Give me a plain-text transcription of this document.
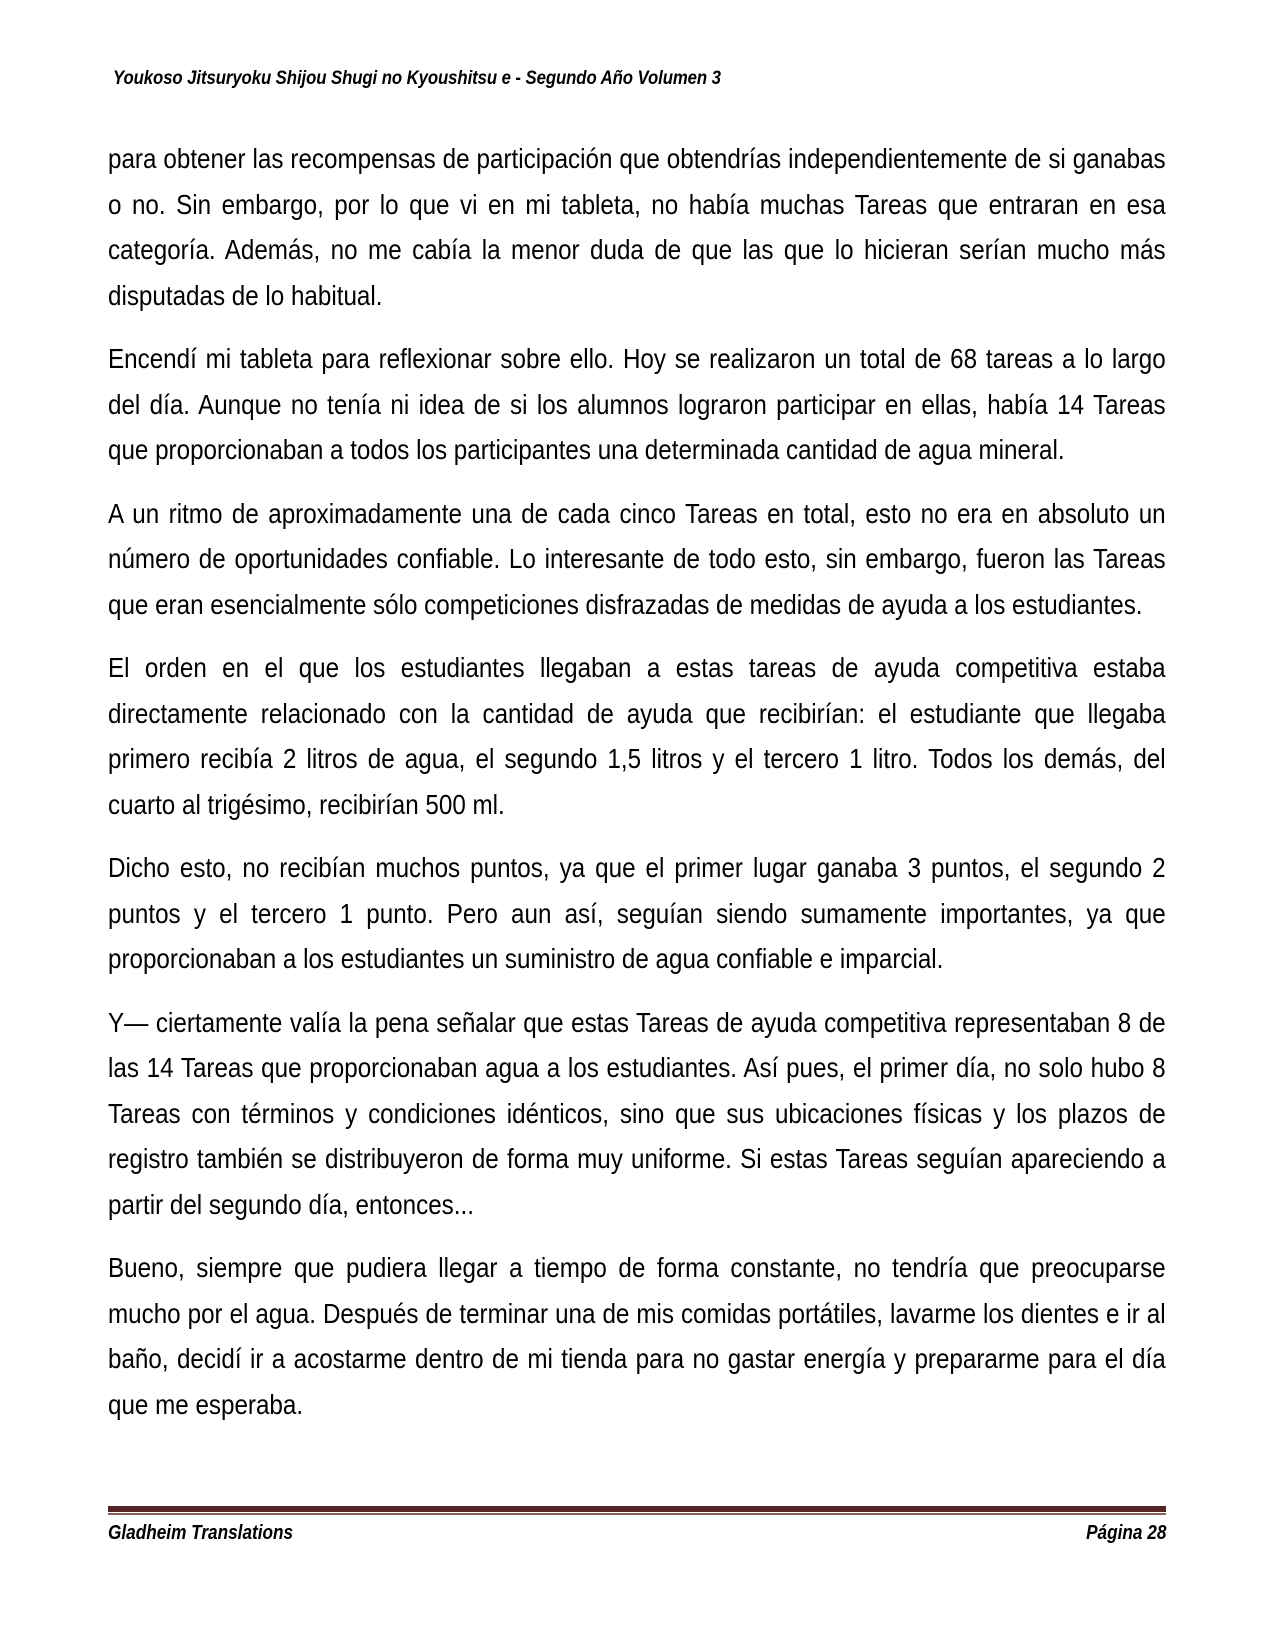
Youkoso Jitsuryoku Shijou Shugi no Kyoushitsu e - Segundo Año Volumen 3

para obtener las recompensas de participación que obtendrías independientemente de si ganabas o no. Sin embargo, por lo que vi en mi tableta, no había muchas Tareas que entraran en esa categoría. Además, no me cabía la menor duda de que las que lo hicieran serían mucho más disputadas de lo habitual.

Encendí mi tableta para reflexionar sobre ello. Hoy se realizaron un total de 68 tareas a lo largo del día. Aunque no tenía ni idea de si los alumnos lograron participar en ellas, había 14 Tareas que proporcionaban a todos los participantes una determinada cantidad de agua mineral.

A un ritmo de aproximadamente una de cada cinco Tareas en total, esto no era en absoluto un número de oportunidades confiable. Lo interesante de todo esto, sin embargo, fueron las Tareas que eran esencialmente sólo competiciones disfrazadas de medidas de ayuda a los estudiantes.

El orden en el que los estudiantes llegaban a estas tareas de ayuda competitiva estaba directamente relacionado con la cantidad de ayuda que recibirían: el estudiante que llegaba primero recibía 2 litros de agua, el segundo 1,5 litros y el tercero 1 litro. Todos los demás, del cuarto al trigésimo, recibirían 500 ml.

Dicho esto, no recibían muchos puntos, ya que el primer lugar ganaba 3 puntos, el segundo 2 puntos y el tercero 1 punto. Pero aun así, seguían siendo sumamente importantes, ya que proporcionaban a los estudiantes un suministro de agua confiable e imparcial.

Y— ciertamente valía la pena señalar que estas Tareas de ayuda competitiva representaban 8 de las 14 Tareas que proporcionaban agua a los estudiantes. Así pues, el primer día, no solo hubo 8 Tareas con términos y condiciones idénticos, sino que sus ubicaciones físicas y los plazos de registro también se distribuyeron de forma muy uniforme. Si estas Tareas seguían apareciendo a partir del segundo día, entonces...

Bueno, siempre que pudiera llegar a tiempo de forma constante, no tendría que preocuparse mucho por el agua. Después de terminar una de mis comidas portátiles, lavarme los dientes e ir al baño, decidí ir a acostarme dentro de mi tienda para no gastar energía y prepararme para el día que me esperaba.

Gladheim Translations	Página 28
